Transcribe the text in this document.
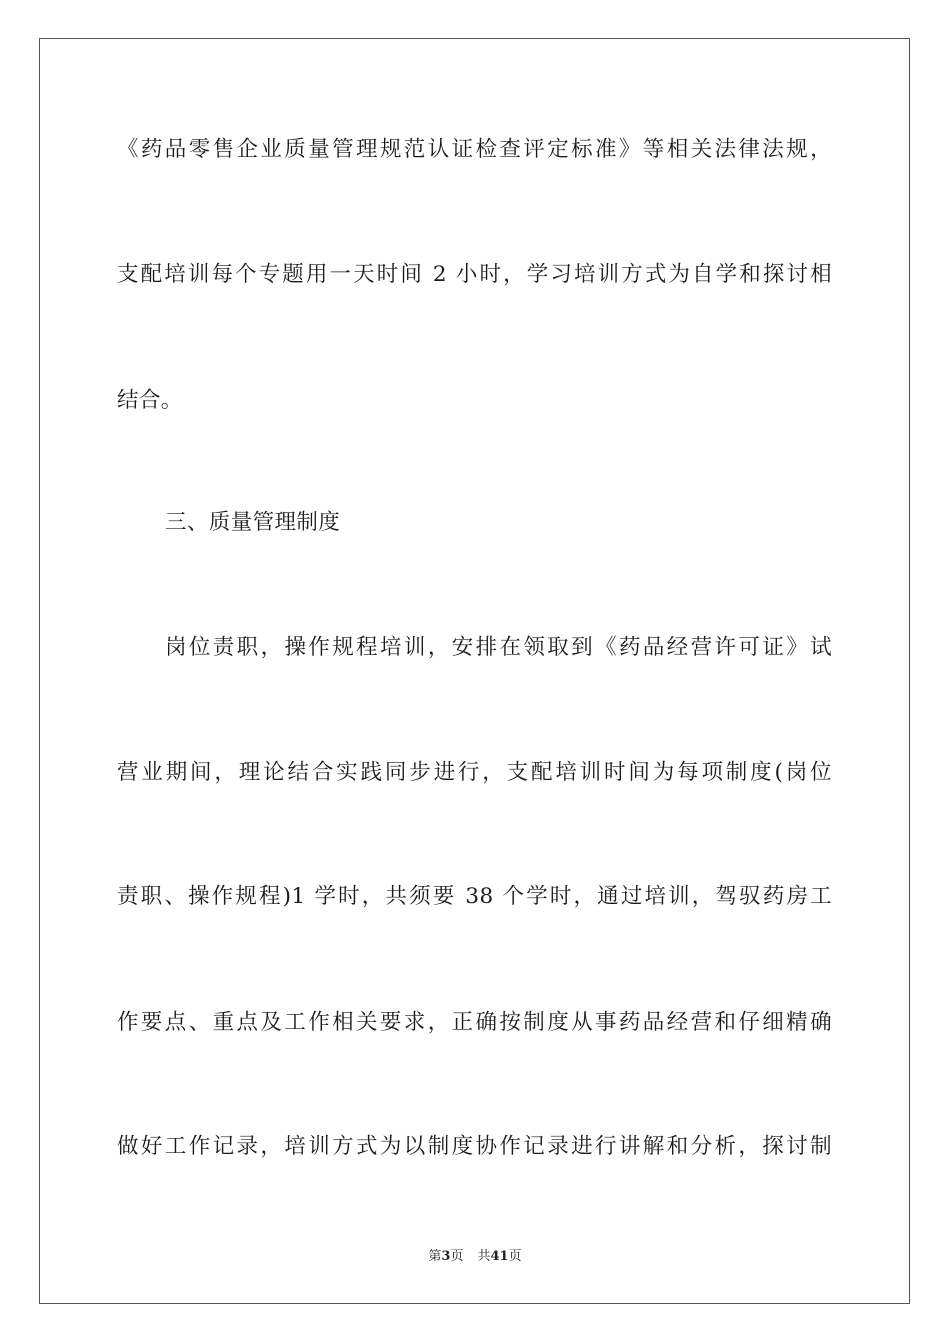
《药品零售企业质量管理规范认证检查评定标准》等相关法律法规，
支配培训每个专题用一天时间 2 小时，学习培训方式为自学和探讨相
结合。
三、质量管理制度
岗位责职，操作规程培训，安排在领取到《药品经营许可证》试
营业期间，理论结合实践同步进行，支配培训时间为每项制度(岗位
责职、操作规程)1 学时，共须要 38 个学时，通过培训，驾驭药房工
作要点、重点及工作相关要求，正确按制度从事药品经营和仔细精确
做好工作记录，培训方式为以制度协作记录进行讲解和分析，探讨制
第3页 共41页
